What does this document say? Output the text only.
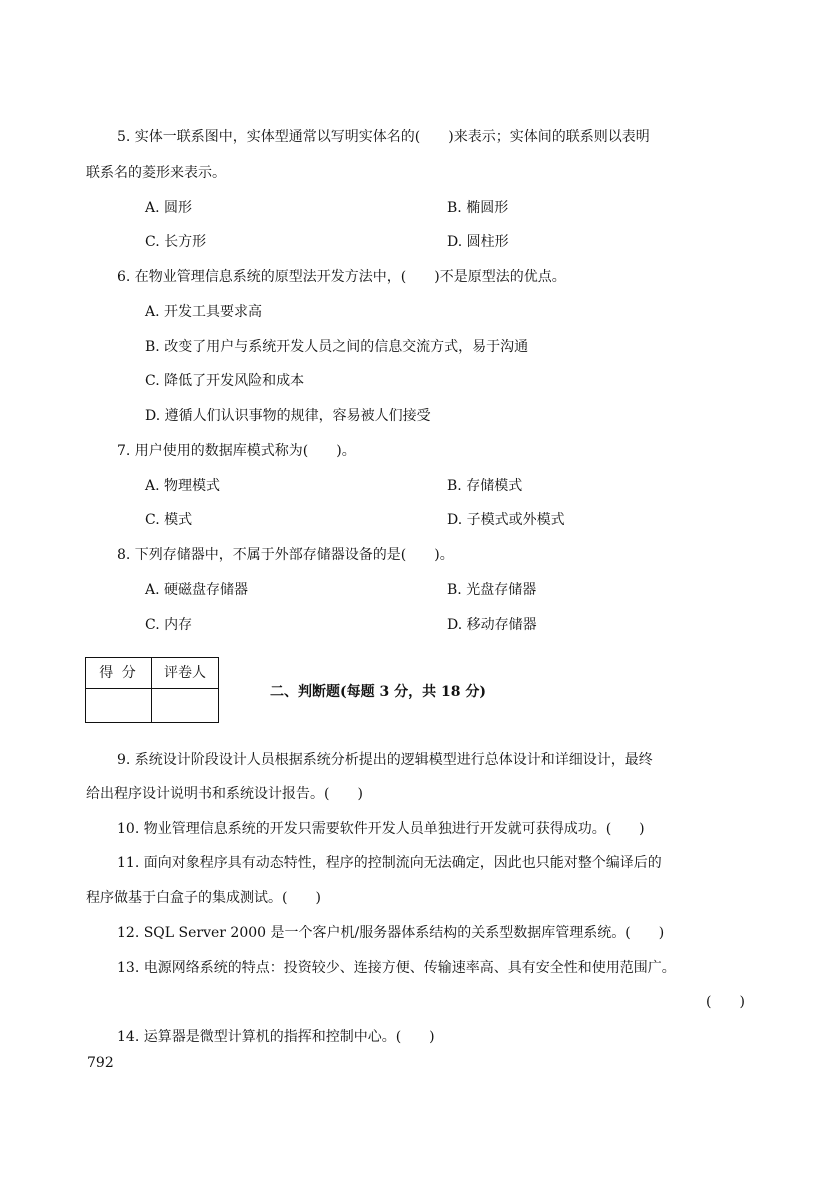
5. 实体一联系图中，实体型通常以写明实体名的(　　)来表示；实体间的联系则以表明
联系名的菱形来表示。
A. 圆形	B. 椭圆形
C. 长方形	D. 圆柱形
6. 在物业管理信息系统的原型法开发方法中，(　　)不是原型法的优点。
A. 开发工具要求高
B. 改变了用户与系统开发人员之间的信息交流方式，易于沟通
C. 降低了开发风险和成本
D. 遵循人们认识事物的规律，容易被人们接受
7. 用户使用的数据库模式称为(　　)。
A. 物理模式	B. 存储模式
C. 模式	D. 子模式或外模式
8. 下列存储器中，不属于外部存储器设备的是(　　)。
A. 硬磁盘存储器	B. 光盘存储器
C. 内存	D. 移动存储器
得 分	评卷人
二、判断题(每题 3 分，共 18 分)
9. 系统设计阶段设计人员根据系统分析提出的逻辑模型进行总体设计和详细设计，最终
给出程序设计说明书和系统设计报告。(　　)
10. 物业管理信息系统的开发只需要软件开发人员单独进行开发就可获得成功。(　　)
11. 面向对象程序具有动态特性，程序的控制流向无法确定，因此也只能对整个编译后的
程序做基于白盒子的集成测试。(　　)
12. SQL Server 2000 是一个客户机/服务器体系结构的关系型数据库管理系统。(　　)
13. 电源网络系统的特点：投资较少、连接方便、传输速率高、具有安全性和使用范围广。
(　　)
14. 运算器是微型计算机的指挥和控制中心。(　　)
792
